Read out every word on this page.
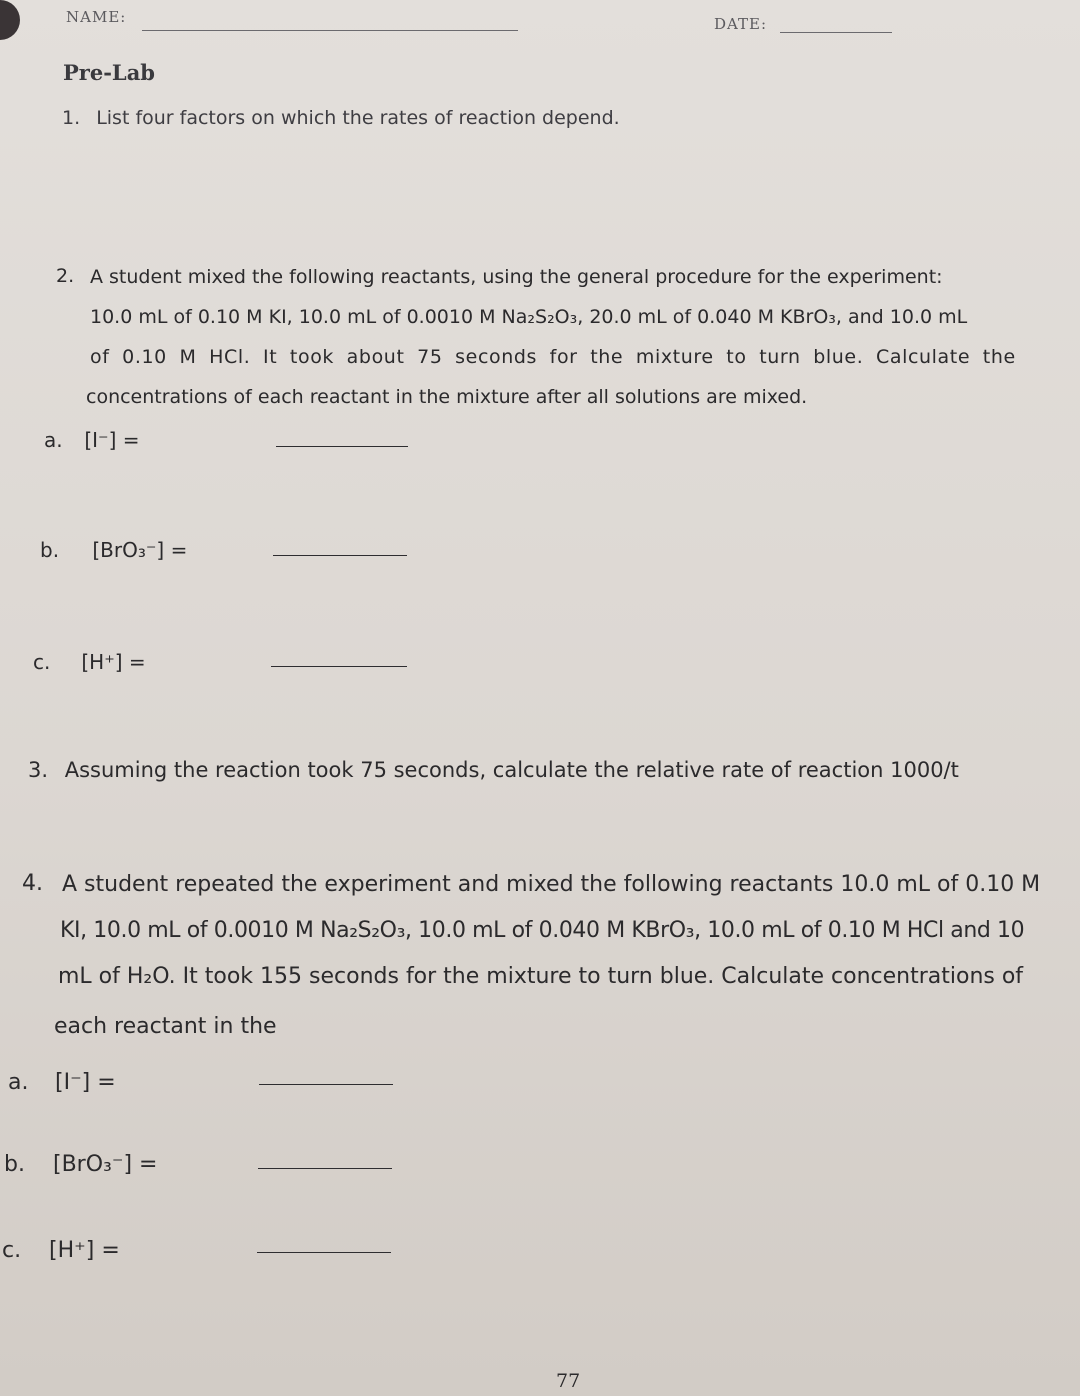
NAME:	DATE:
Pre-Lab
1. List four factors on which the rates of reaction depend.
2. A student mixed the following reactants, using the general procedure for the experiment:
10.0 mL of 0.10 M KI, 10.0 mL of 0.0010 M Na₂S₂O₃, 20.0 mL of 0.040 M KBrO₃, and 10.0 mL
of 0.10 M HCl. It took about 75 seconds for the mixture to turn blue. Calculate the
concentrations of each reactant in the mixture after all solutions are mixed.
a. [I⁻] =
b. [BrO₃⁻] =
c. [H⁺] =
3. Assuming the reaction took 75 seconds, calculate the relative rate of reaction 1000/t
4. A student repeated the experiment and mixed the following reactants 10.0 mL of 0.10 M
KI, 10.0 mL of 0.0010 M Na₂S₂O₃, 10.0 mL of 0.040 M KBrO₃, 10.0 mL of 0.10 M HCl and 10
mL of H₂O. It took 155 seconds for the mixture to turn blue. Calculate concentrations of
each reactant in the
a. [I⁻] =
b. [BrO₃⁻] =
c. [H⁺] =
77
